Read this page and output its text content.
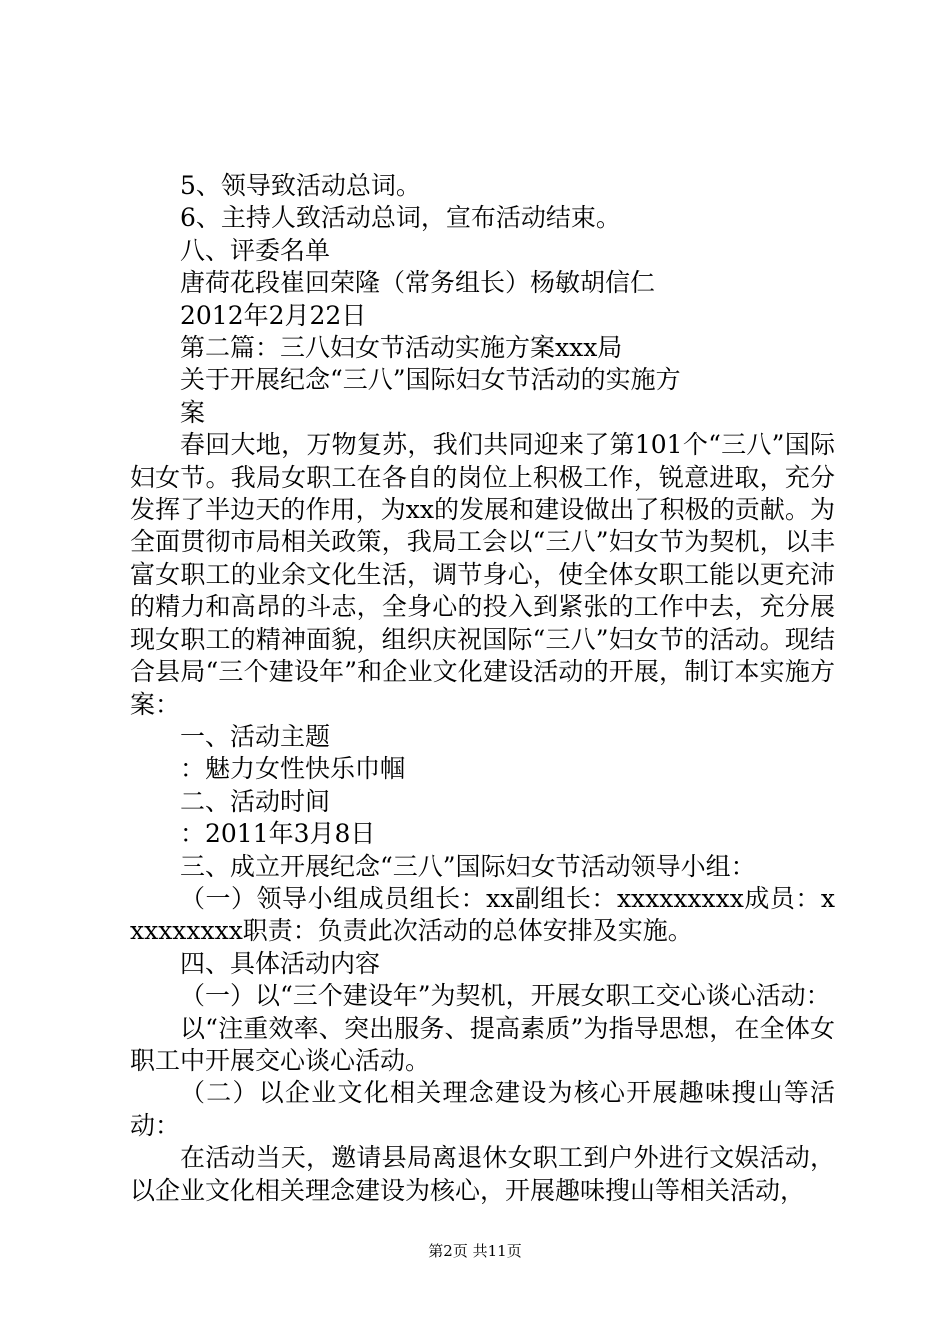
5、领导致活动总词。

6、主持人致活动总词，宣布活动结束。

八、评委名单

唐荷花段崔回荣隆（常务组长）杨敏胡信仁

2012年2月22日

第二篇：三八妇女节活动实施方案xxx局

关于开展纪念“三八”国际妇女节活动的实施方

案

春回大地，万物复苏，我们共同迎来了第101个“三八”国际妇女节。我局女职工在各自的岗位上积极工作，锐意进取，充分发挥了半边天的作用，为xx的发展和建设做出了积极的贡献。为全面贯彻市局相关政策，我局工会以“三八”妇女节为契机，以丰富女职工的业余文化生活，调节身心，使全体女职工能以更充沛的精力和高昂的斗志，全身心的投入到紧张的工作中去，充分展现女职工的精神面貌，组织庆祝国际“三八”妇女节的活动。现结合县局“三个建设年”和企业文化建设活动的开展，制订本实施方案：

一、活动主题

：魅力女性快乐巾帼

二、活动时间

：2011年3月8日

三、成立开展纪念“三八”国际妇女节活动领导小组：

（一）领导小组成员组长：xx副组长：xxxxxxxxx成员：xxxxxxxxx职责：负责此次活动的总体安排及实施。

四、具体活动内容

（一）以“三个建设年”为契机，开展女职工交心谈心活动：

以“注重效率、突出服务、提高素质”为指导思想，在全体女职工中开展交心谈心活动。

（二）以企业文化相关理念建设为核心开展趣味搜山等活动：

在活动当天，邀请县局离退休女职工到户外进行文娱活动，以企业文化相关理念建设为核心，开展趣味搜山等相关活动，

第2页 共11页
